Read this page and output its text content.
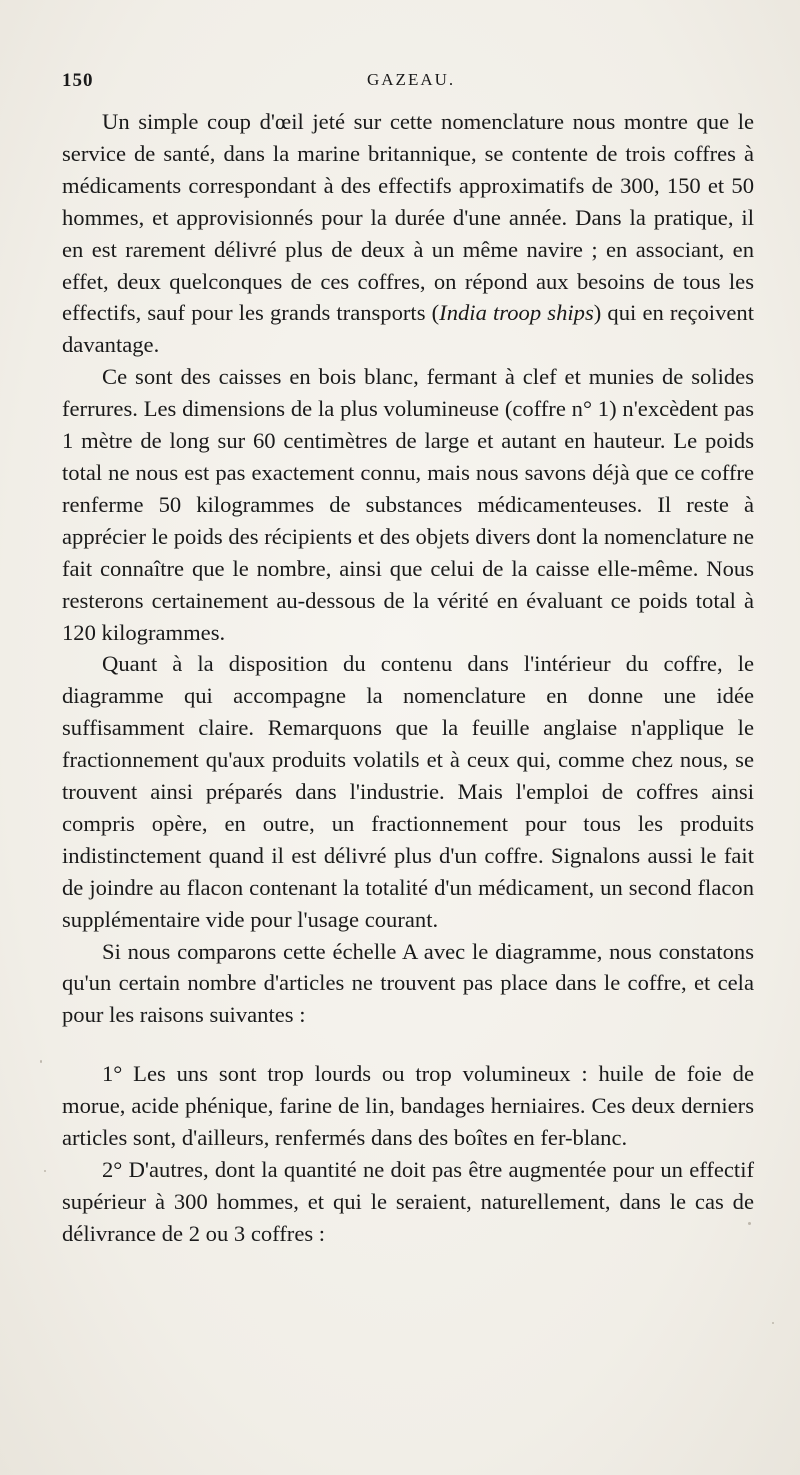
150	GAZEAU.

Un simple coup d'œil jeté sur cette nomenclature nous montre que le service de santé, dans la marine britannique, se contente de trois coffres à médicaments correspondant à des effectifs approximatifs de 300, 150 et 50 hommes, et approvisionnés pour la durée d'une année. Dans la pratique, il en est rarement délivré plus de deux à un même navire ; en associant, en effet, deux quelconques de ces coffres, on répond aux besoins de tous les effectifs, sauf pour les grands transports (India troop ships) qui en reçoivent davantage.

Ce sont des caisses en bois blanc, fermant à clef et munies de solides ferrures. Les dimensions de la plus volumineuse (coffre n° 1) n'excèdent pas 1 mètre de long sur 60 centimètres de large et autant en hauteur. Le poids total ne nous est pas exactement connu, mais nous savons déjà que ce coffre renferme 50 kilogrammes de substances médicamenteuses. Il reste à apprécier le poids des récipients et des objets divers dont la nomenclature ne fait connaître que le nombre, ainsi que celui de la caisse elle-même. Nous resterons certainement au-dessous de la vérité en évaluant ce poids total à 120 kilogrammes.

Quant à la disposition du contenu dans l'intérieur du coffre, le diagramme qui accompagne la nomenclature en donne une idée suffisamment claire. Remarquons que la feuille anglaise n'applique le fractionnement qu'aux produits volatils et à ceux qui, comme chez nous, se trouvent ainsi préparés dans l'industrie. Mais l'emploi de coffres ainsi compris opère, en outre, un fractionnement pour tous les produits indistinctement quand il est délivré plus d'un coffre. Signalons aussi le fait de joindre au flacon contenant la totalité d'un médicament, un second flacon supplémentaire vide pour l'usage courant.

Si nous comparons cette échelle A avec le diagramme, nous constatons qu'un certain nombre d'articles ne trouvent pas place dans le coffre, et cela pour les raisons suivantes :

1° Les uns sont trop lourds ou trop volumineux : huile de foie de morue, acide phénique, farine de lin, bandages herniaires. Ces deux derniers articles sont, d'ailleurs, renfermés dans des boîtes en fer-blanc.

2° D'autres, dont la quantité ne doit pas être augmentée pour un effectif supérieur à 300 hommes, et qui le seraient, naturellement, dans le cas de délivrance de 2 ou 3 coffres :
